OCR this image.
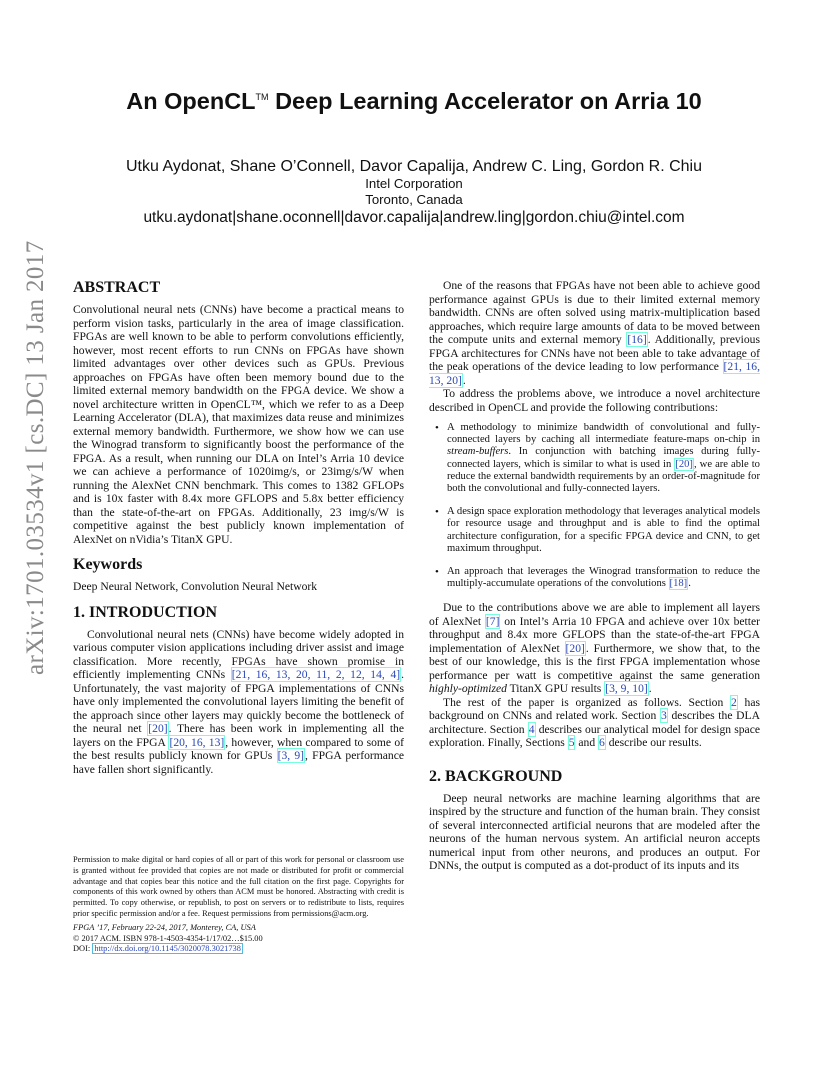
arXiv:1701.03534v1 [cs.DC] 13 Jan 2017
An OpenCL™ Deep Learning Accelerator on Arria 10
Utku Aydonat, Shane O’Connell, Davor Capalija, Andrew C. Ling, Gordon R. Chiu
Intel Corporation
Toronto, Canada
utku.aydonat|shane.oconnell|davor.capalija|andrew.ling|gordon.chiu@intel.com
ABSTRACT

Convolutional neural nets (CNNs) have become a practical means to perform vision tasks, particularly in the area of image classification. FPGAs are well known to be able to perform convolutions efficiently, however, most recent efforts to run CNNs on FPGAs have shown limited advantages over other devices such as GPUs. Previous approaches on FPGAs have often been memory bound due to the limited external memory bandwidth on the FPGA device. We show a novel architecture written in OpenCL™, which we refer to as a Deep Learning Accelerator (DLA), that maximizes data reuse and minimizes external memory bandwidth. Furthermore, we show how we can use the Winograd transform to significantly boost the performance of the FPGA. As a result, when running our DLA on Intel’s Arria 10 device we can achieve a performance of 1020img/s, or 23img/s/W when running the AlexNet CNN benchmark. This comes to 1382 GFLOPs and is 10x faster with 8.4x more GFLOPS and 5.8x better efficiency than the state-of-the-art on FPGAs. Additionally, 23 img/s/W is competitive against the best publicly known implementation of AlexNet on nVidia’s TitanX GPU.

Keywords

Deep Neural Network, Convolution Neural Network

1. INTRODUCTION

Convolutional neural nets (CNNs) have become widely adopted in various computer vision applications including driver assist and image classification. More recently, FPGAs have shown promise in efficiently implementing CNNs [21, 16, 13, 20, 11, 2, 12, 14, 4]. Unfortunately, the vast majority of FPGA implementations of CNNs have only implemented the convolutional layers limiting the benefit of the approach since other layers may quickly become the bottleneck of the neural net [20]. There has been work in implementing all the layers on the FPGA [20, 16, 13], however, when compared to some of the best results publicly known for GPUs [3, 9], FPGA performance have fallen short significantly.

Permission to make digital or hard copies of all or part of this work for personal or classroom use is granted without fee provided that copies are not made or distributed for profit or commercial advantage and that copies bear this notice and the full citation on the first page. Copyrights for components of this work owned by others than ACM must be honored. Abstracting with credit is permitted. To copy otherwise, or republish, to post on servers or to redistribute to lists, requires prior specific permission and/or a fee. Request permissions from permissions@acm.org.

FPGA ’17, February 22-24, 2017, Monterey, CA, USA

© 2017 ACM. ISBN 978-1-4503-4354-1/17/02…$15.00

DOI: http://dx.doi.org/10.1145/3020078.3021738

One of the reasons that FPGAs have not been able to achieve good performance against GPUs is due to their limited external memory bandwidth. CNNs are often solved using matrix-multiplication based approaches, which require large amounts of data to be moved between the compute units and external memory [16]. Additionally, previous FPGA architectures for CNNs have not been able to take advantage of the peak operations of the device leading to low performance [21, 16, 13, 20].

To address the problems above, we introduce a novel architecture described in OpenCL and provide the following contributions:

• A methodology to minimize bandwidth of convolutional and fully-connected layers by caching all intermediate feature-maps on-chip in stream-buffers. In conjunction with batching images during fully-connected layers, which is similar to what is used in [20], we are able to reduce the external bandwidth requirements by an order-of-magnitude for both the convolutional and fully-connected layers.
• A design space exploration methodology that leverages analytical models for resource usage and throughput and is able to find the optimal architecture configuration, for a specific FPGA device and CNN, to get maximum throughput.
• An approach that leverages the Winograd transformation to reduce the multiply-accumulate operations of the convolutions [18].

Due to the contributions above we are able to implement all layers of AlexNet [7] on Intel’s Arria 10 FPGA and achieve over 10x better throughput and 8.4x more GFLOPS than the state-of-the-art FPGA implementation of AlexNet [20]. Furthermore, we show that, to the best of our knowledge, this is the first FPGA implementation whose performance per watt is competitive against the same generation highly-optimized TitanX GPU results [3, 9, 10].

The rest of the paper is organized as follows. Section 2 has background on CNNs and related work. Section 3 describes the DLA architecture. Section 4 describes our analytical model for design space exploration. Finally, Sections 5 and 6 describe our results.

2. BACKGROUND

Deep neural networks are machine learning algorithms that are inspired by the structure and function of the human brain. They consist of several interconnected artificial neurons that are modeled after the neurons of the human nervous system. An artificial neuron accepts numerical input from other neurons, and produces an output. For DNNs, the output is computed as a dot-product of its inputs and its
